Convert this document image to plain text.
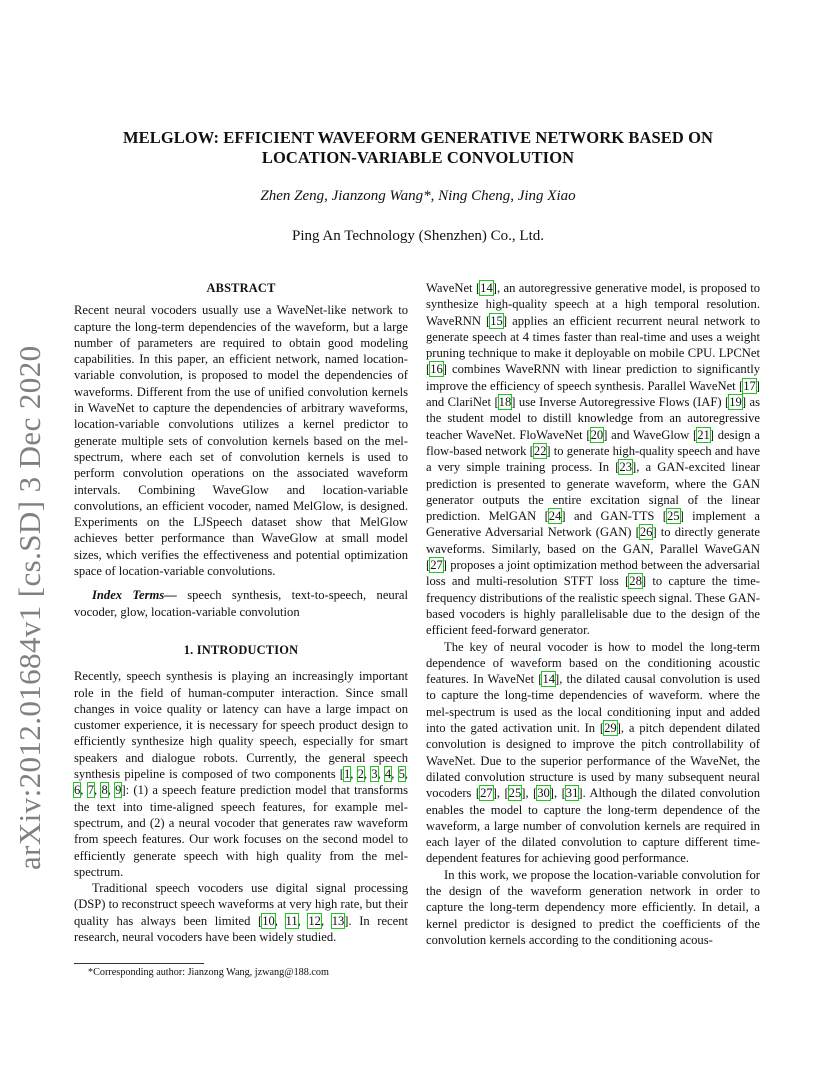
arXiv:2012.01684v1 [cs.SD] 3 Dec 2020
MELGLOW: EFFICIENT WAVEFORM GENERATIVE NETWORK BASED ON
LOCATION-VARIABLE CONVOLUTION
Zhen Zeng, Jianzong Wang*, Ning Cheng, Jing Xiao
Ping An Technology (Shenzhen) Co., Ltd.
ABSTRACT

Recent neural vocoders usually use a WaveNet-like network to capture the long-term dependencies of the waveform, but a large number of parameters are required to obtain good modeling capabilities. In this paper, an efficient network, named location-variable convolution, is proposed to model the dependencies of waveforms. Different from the use of unified convolution kernels in WaveNet to capture the dependencies of arbitrary waveforms, location-variable convolutions utilizes a kernel predictor to generate multiple sets of convolution kernels based on the mel-spectrum, where each set of convolution kernels is used to perform convolution operations on the associated waveform intervals. Combining WaveGlow and location-variable convolutions, an efficient vocoder, named MelGlow, is designed. Experiments on the LJSpeech dataset show that MelGlow achieves better performance than WaveGlow at small model sizes, which verifies the effectiveness and potential optimization space of location-variable convolutions.

Index Terms— speech synthesis, text-to-speech, neural vocoder, glow, location-variable convolution

1. INTRODUCTION

Recently, speech synthesis is playing an increasingly important role in the field of human-computer interaction. Since small changes in voice quality or latency can have a large impact on customer experience, it is necessary for speech product design to efficiently synthesize high quality speech, especially for smart speakers and dialogue robots. Currently, the general speech synthesis pipeline is composed of two components [1, 2, 3, 4, 5, 6, 7, 8, 9]: (1) a speech feature prediction model that transforms the text into time-aligned speech features, for example mel-spectrum, and (2) a neural vocoder that generates raw waveform from speech features. Our work focuses on the second model to efficiently generate speech with high quality from the mel-spectrum.

Traditional speech vocoders use digital signal processing (DSP) to reconstruct speech waveforms at very high rate, but their quality has always been limited [10, 11, 12, 13]. In recent research, neural vocoders have been widely studied.

WaveNet [14], an autoregressive generative model, is proposed to synthesize high-quality speech at a high temporal resolution. WaveRNN [15] applies an efficient recurrent neural network to generate speech at 4 times faster than real-time and uses a weight pruning technique to make it deployable on mobile CPU. LPCNet [16] combines WaveRNN with linear prediction to significantly improve the efficiency of speech synthesis. Parallel WaveNet [17] and ClariNet [18] use Inverse Autoregressive Flows (IAF) [19] as the student model to distill knowledge from an autoregressive teacher WaveNet. FloWaveNet [20] and WaveGlow [21] design a flow-based network [22] to generate high-quality speech and have a very simple training process. In [23], a GAN-excited linear prediction is presented to generate waveform, where the GAN generator outputs the entire excitation signal of the linear prediction. MelGAN [24] and GAN-TTS [25] implement a Generative Adversarial Network (GAN) [26] to directly generate waveforms. Similarly, based on the GAN, Parallel WaveGAN [27] proposes a joint optimization method between the adversarial loss and multi-resolution STFT loss [28] to capture the time-frequency distributions of the realistic speech signal. These GAN-based vocoders is highly parallelisable due to the design of the efficient feed-forward generator.

The key of neural vocoder is how to model the long-term dependence of waveform based on the conditioning acoustic features. In WaveNet [14], the dilated causal convolution is used to capture the long-time dependencies of waveform. where the mel-spectrum is used as the local conditioning input and added into the gated activation unit. In [29], a pitch dependent dilated convolution is designed to improve the pitch controllability of WaveNet. Due to the superior performance of the WaveNet, the dilated convolution structure is used by many subsequent neural vocoders [27], [25], [30], [31]. Although the dilated convolution enables the model to capture the long-term dependence of the waveform, a large number of convolution kernels are required in each layer of the dilated convolution to capture different time-dependent features for achieving good performance.

In this work, we propose the location-variable convolution for the design of the waveform generation network in order to capture the long-term dependency more efficiently. In detail, a kernel predictor is designed to predict the coefficients of the convolution kernels according to the conditioning acous-

*Corresponding author: Jianzong Wang, jzwang@188.com
